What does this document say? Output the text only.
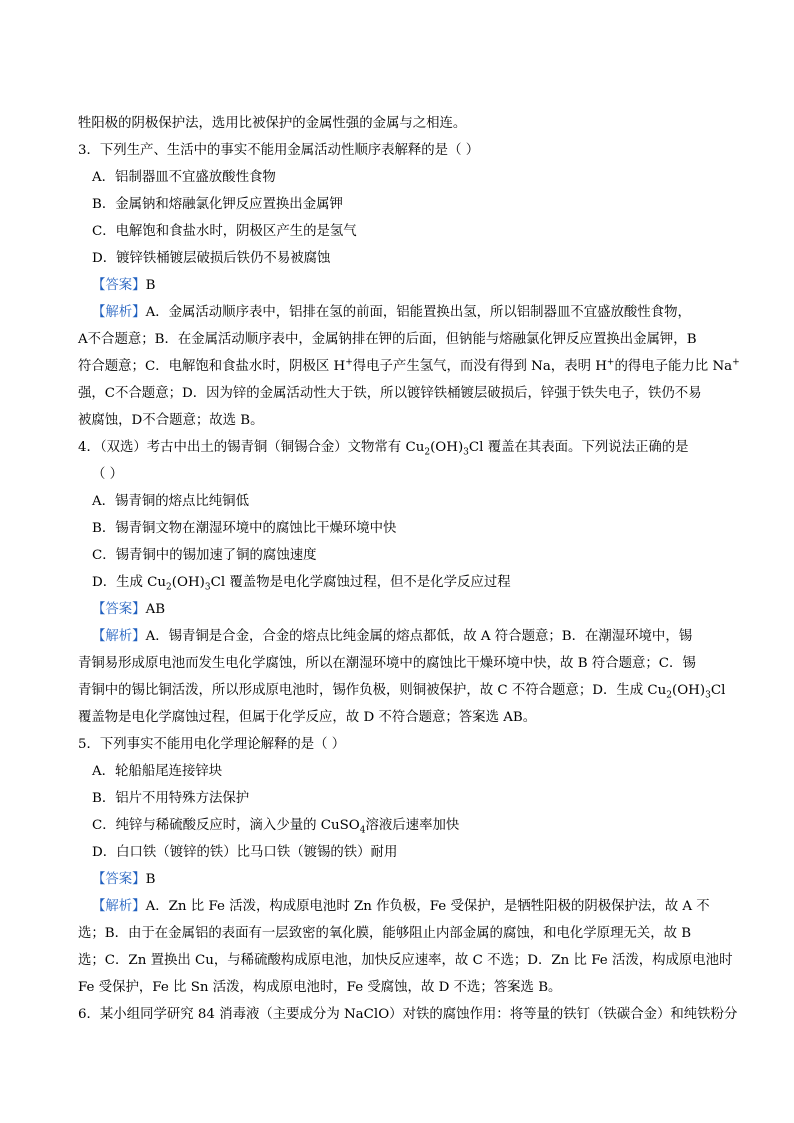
牲阳极的阴极保护法，选用比被保护的金属性强的金属与之相连。
3．下列生产、生活中的事实不能用金属活动性顺序表解释的是（ ）
A．铝制器皿不宜盛放酸性食物
B．金属钠和熔融氯化钾反应置换出金属钾
C．电解饱和食盐水时，阴极区产生的是氢气
D．镀锌铁桶镀层破损后铁仍不易被腐蚀
【答案】B
【解析】A．金属活动顺序表中，铝排在氢的前面，铝能置换出氢，所以铝制器皿不宜盛放酸性食物，
A不合题意；B．在金属活动顺序表中，金属钠排在钾的后面，但钠能与熔融氯化钾反应置换出金属钾，B
符合题意；C．电解饱和食盐水时，阴极区 H+得电子产生氢气，而没有得到 Na，表明 H+的得电子能力比 Na+
强，C不合题意；D．因为锌的金属活动性大于铁，所以镀锌铁桶镀层破损后，锌强于铁失电子，铁仍不易
被腐蚀，D不合题意；故选 B。
4．（双选）考古中出土的锡青铜（铜锡合金）文物常有 $Cu_2(OH)_3Cl$ 覆盖在其表面。下列说法正确的是
（ ）
A．锡青铜的熔点比纯铜低
B．锡青铜文物在潮湿环境中的腐蚀比干燥环境中快
C．锡青铜中的锡加速了铜的腐蚀速度
D．生成 $Cu_2(OH)_3Cl$ 覆盖物是电化学腐蚀过程，但不是化学反应过程
【答案】AB
【解析】A．锡青铜是合金，合金的熔点比纯金属的熔点都低，故 A 符合题意；B．在潮湿环境中，锡
青铜易形成原电池而发生电化学腐蚀，所以在潮湿环境中的腐蚀比干燥环境中快，故 B 符合题意；C．锡
青铜中的锡比铜活泼，所以形成原电池时，锡作负极，则铜被保护，故 C 不符合题意；D．生成 $Cu_2(OH)_3Cl$
覆盖物是电化学腐蚀过程，但属于化学反应，故 D 不符合题意；答案选 AB。
5．下列事实不能用电化学理论解释的是（ ）
A．轮船船尾连接锌块
B．铝片不用特殊方法保护
C．纯锌与稀硫酸反应时，滴入少量的 CuSO$_4$溶液后速率加快
D．白口铁（镀锌的铁）比马口铁（镀锡的铁）耐用
【答案】B
【解析】A．Zn 比 Fe 活泼，构成原电池时 Zn 作负极，Fe 受保护，是牺牲阳极的阴极保护法，故 A 不
选；B．由于在金属铝的表面有一层致密的氧化膜，能够阻止内部金属的腐蚀，和电化学原理无关，故 B
选；C．Zn 置换出 Cu，与稀硫酸构成原电池，加快反应速率，故 C 不选；D．Zn 比 Fe 活泼，构成原电池时
Fe 受保护，Fe 比 Sn 活泼，构成原电池时，Fe 受腐蚀，故 D 不选；答案选 B。
6．某小组同学研究 84 消毒液（主要成分为 NaClO）对铁的腐蚀作用：将等量的铁钉（铁碳合金）和纯铁粉分
